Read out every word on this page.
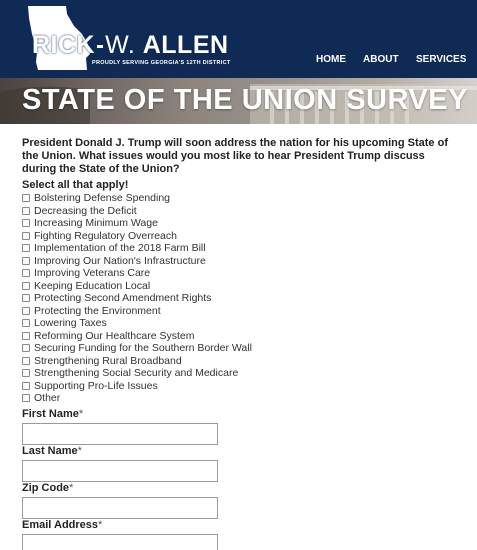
RICK W. ALLEN
PROUDLY SERVING GEORGIA'S 12TH DISTRICT	HOME ABOUT SERVICES
STATE OF THE UNION SURVEY

President Donald J. Trump will soon address the nation for his upcoming State of the Union. What issues would you most like to hear President Trump discuss during the State of the Union?

Select all that apply!
Bolstering Defense Spending
Decreasing the Deficit
Increasing Minimum Wage
Fighting Regulatory Overreach
Implementation of the 2018 Farm Bill
Improving Our Nation's Infrastructure
Improving Veterans Care
Keeping Education Local
Protecting Second Amendment Rights
Protecting the Environment
Lowering Taxes
Reforming Our Healthcare System
Securing Funding for the Southern Border Wall
Strengthening Rural Broadband
Strengthening Social Security and Medicare
Supporting Pro-Life Issues
Other
First Name*
Last Name*
Zip Code*
Email Address*
